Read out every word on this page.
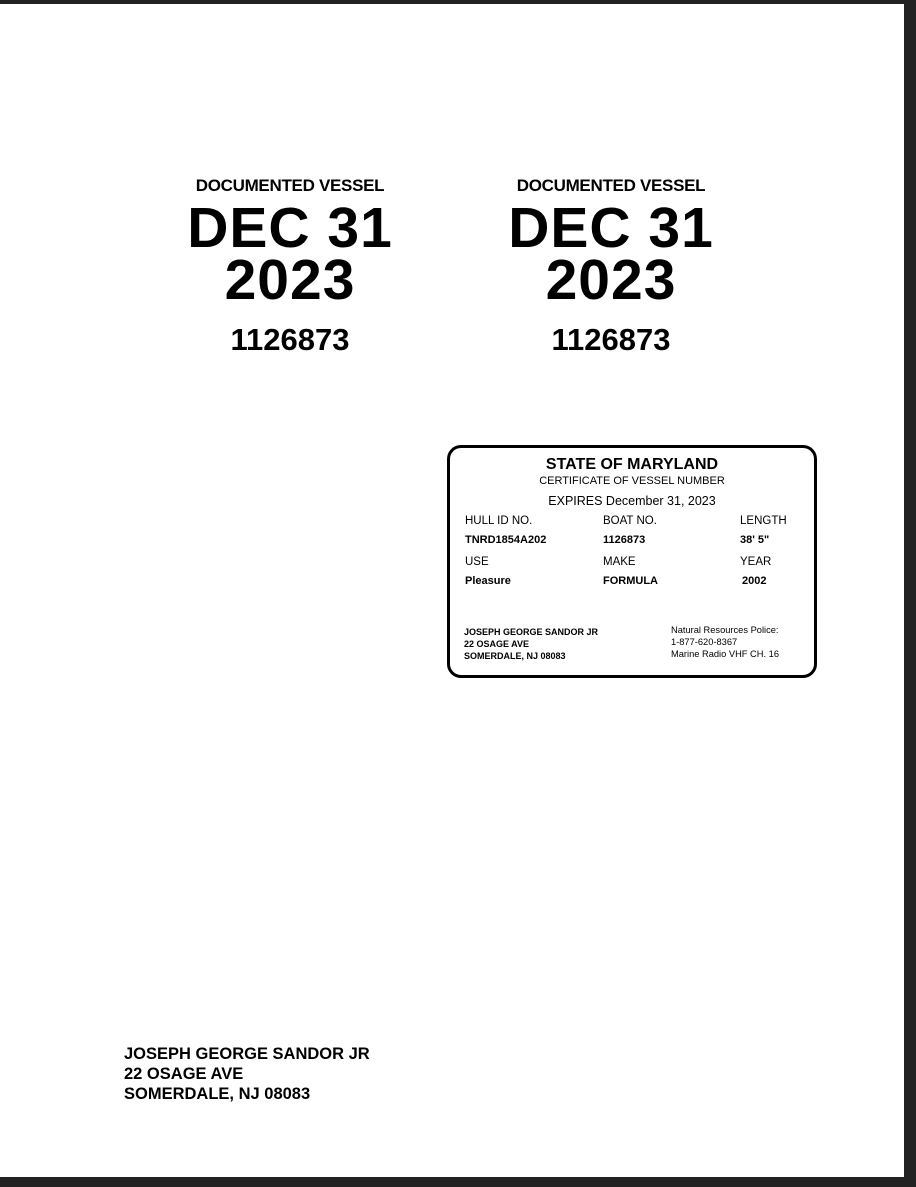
DOCUMENTED VESSEL
DEC 31
2023
1126873
DOCUMENTED VESSEL
DEC 31
2023
1126873
STATE OF MARYLAND
CERTIFICATE OF VESSEL NUMBER
EXPIRES December 31, 2023
HULL ID NO.	BOAT NO.	LENGTH
TNRD1854A202	1126873	38' 5"
USE	MAKE	YEAR
Pleasure	FORMULA	2002
JOSEPH GEORGE SANDOR JR
22 OSAGE AVE
SOMERDALE, NJ 08083
Natural Resources Police:
1-877-620-8367
Marine Radio VHF CH. 16
JOSEPH GEORGE SANDOR JR
22 OSAGE AVE
SOMERDALE, NJ 08083
